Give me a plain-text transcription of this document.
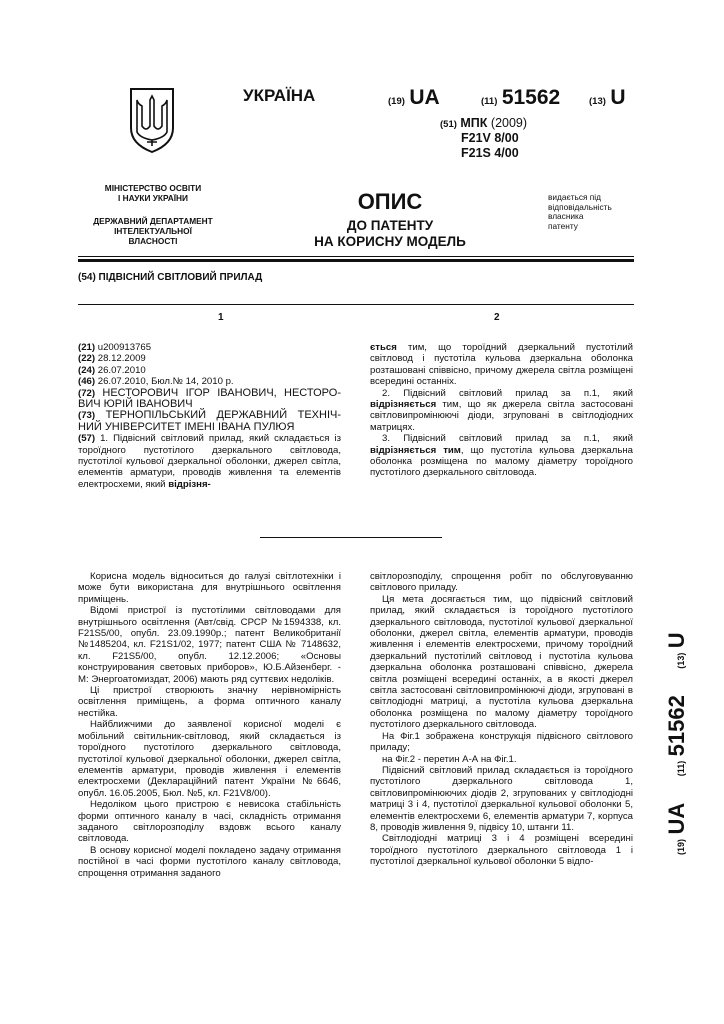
УКРАЇНА	(19) UA	(11) 51562	(13) U
(51) МПК (2009)
F21V 8/00
F21S 4/00
МІНІСТЕРСТВО ОСВІТИ
І НАУКИ УКРАЇНИ
ДЕРЖАВНИЙ ДЕПАРТАМЕНТ
ІНТЕЛЕКТУАЛЬНОЇ
ВЛАСНОСТІ
ОПИС
ДО ПАТЕНТУ
НА КОРИСНУ МОДЕЛЬ
видається під
відповідальність
власника
патенту
(54) ПІДВІСНИЙ СВІТЛОВИЙ ПРИЛАД
1	2

(21) u200913765

(22) 28.12.2009

(24) 26.07.2010

(46) 26.07.2010, Бюл.№ 14, 2010 р.

(72) НЕСТОРОВИЧ ІГОР ІВАНОВИЧ, НЕСТОРО-ВИЧ ЮРІЙ ІВАНОВИЧ

(73) ТЕРНОПІЛЬСЬКИЙ ДЕРЖАВНИЙ ТЕХНІЧ-НИЙ УНІВЕРСИТЕТ ІМЕНІ ІВАНА ПУЛЮЯ

(57) 1. Підвісний світловий прилад, який складається із тороїдного пустотілого дзеркального світловода, пустотілої кульової дзеркальної оболонки, джерел світла, елементів арматури, проводів живлення та елементів електросхеми, який відрізня-

ється тим, що тороїдний дзеркальний пустотілий світловод і пустотіла кульова дзеркальна оболонка розташовані співвісно, причому джерела світла розміщені всередині останніх.

2. Підвісний світловий прилад за п.1, який відрізняється тим, що як джерела світла застосовані світловипромінюючі діоди, згруповані в світлодіодних матрицях.

3. Підвісний світловий прилад за п.1, який відрізняється тим, що пустотіла кульова дзеркальна оболонка розміщена по малому діаметру тороїдного пустотілого дзеркального світловода.

Корисна модель відноситься до галузі світлотехніки і може бути використана для внутрішнього освітлення приміщень.

Відомі пристрої із пустотілими світловодами для внутрішнього освітлення (Авт/свід. СРСР №1594338, кл. F21S5/00, опубл. 23.09.1990р.; патент Великобританії №1485204, кл. F21S1/02, 1977; патент США № 7148632, кл. F21S5/00, опубл. 12.12.2006; «Основы конструирования световых приборов», Ю.Б.Айзенберг. - М: Энергоатомиздат, 2006) мають ряд суттєвих недоліків.

Ці пристрої створюють значну нерівномірність освітлення приміщень, а форма оптичного каналу нестійка.

Найближчими до заявленої корисної моделі є мобільний світильник-світловод, який складається із тороїдного пустотілого дзеркального світловода, пустотілої кульової дзеркальної оболонки, джерел світла, елементів арматури, проводів живлення і елементів електросхеми (Деклараційний патент України №6646, опубл. 16.05.2005, Бюл. №5, кл. F21V8/00).

Недоліком цього пристрою є невисока стабільність форми оптичного каналу в часі, складність отримання заданого світлорозподілу вздовж всього каналу світловода.

В основу корисної моделі покладено задачу отримання постійної в часі форми пустотілого каналу світловода, спрощення отримання заданого

світлорозподілу, спрощення робіт по обслуговуванню світлового приладу.

Ця мета досягається тим, що підвісний світловий прилад, який складається із тороїдного пустотілого дзеркального світловода, пустотілої кульової дзеркальної оболонки, джерел світла, елементів арматури, проводів живлення і елементів електросхеми, причому тороїдний дзеркальний пустотілий світловод і пустотіла кульова дзеркальна оболонка розташовані співвісно, джерела світла розміщені всередині останніх, а в якості джерел світла застосовані світловипромінюючі діоди, згруповані в світлодіодні матриці, а пустотіла кульова дзеркальна оболонка розміщена по малому діаметру тороїдного пустотілого дзеркального світловода.

На Фіг.1 зображена конструкція підвісного світлового приладу;

на Фіг.2 - перетин А-А на Фіг.1.

Підвісний світловий прилад складається із тороїдного пустотілого дзеркального світловода 1, світловипромінюючих діодів 2, згрупованих у світлодіодні матриці 3 і 4, пустотілої дзеркальної кульової оболонки 5, елементів електросхеми 6, елементів арматури 7, корпуса 8, проводів живлення 9, підвісу 10, штанги 11.

Світлодіодні матриці 3 і 4 розміщені всередині тороїдного пустотілого дзеркального світловода 1 і пустотілої дзеркальної кульової оболонки 5 відпо-

(19) UA (11) 51562 (13) U
